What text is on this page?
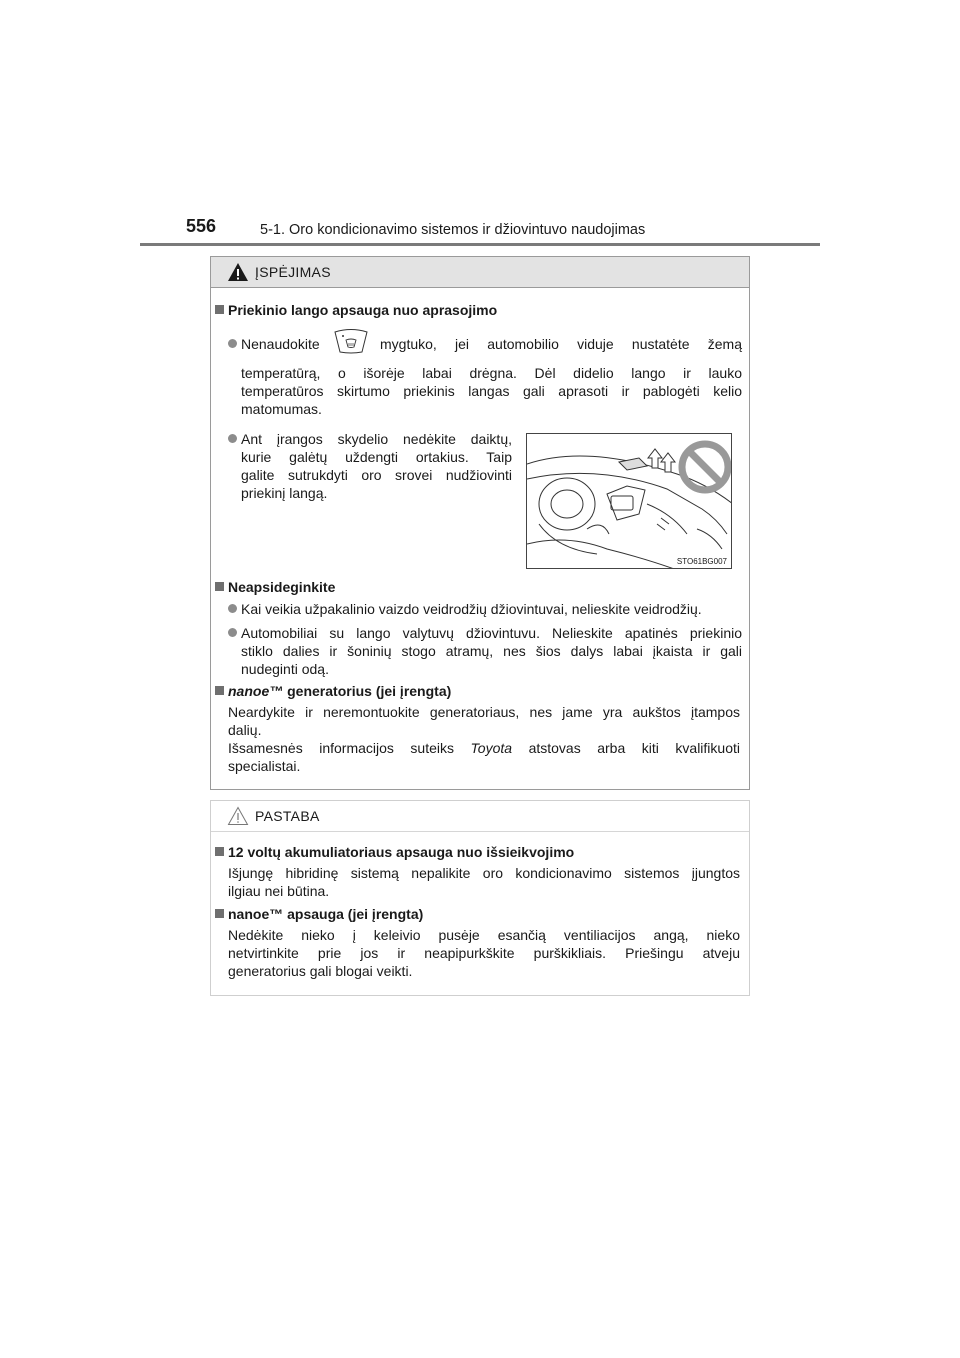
556	5-1. Oro kondicionavimo sistemos ir džiovintuvo naudojimas
ĮSPĖJIMAS
Priekinio lango apsauga nuo aprasojimo
Nenaudokite	mygtuko, jei automobilio viduje nustatėte žemą
temperatūrą, o išorėje labai drėgna. Dėl didelio lango ir lauko
temperatūros skirtumo priekinis langas gali aprasoti ir pablogėti kelio
matomumas.
Ant įrangos skydelio nedėkite daiktų,
kurie galėtų uždengti ortakius. Taip
galite sutrukdyti oro srovei nudžiovinti
priekinį langą.
STO61BG007
Neapsideginkite
Kai veikia užpakalinio vaizdo veidrodžių džiovintuvai, nelieskite veidrodžių.
Automobiliai su lango valytuvų džiovintuvu. Nelieskite apatinės priekinio
stiklo dalies ir šoninių stogo atramų, nes šios dalys labai įkaista ir gali
nudeginti odą.
nanoe™ generatorius (jei įrengta)
Neardykite ir neremontuokite generatoriaus, nes jame yra aukštos įtampos
dalių.
Išsamesnės informacijos suteiks Toyota atstovas arba kiti kvalifikuoti
specialistai.
PASTABA
12 voltų akumuliatoriaus apsauga nuo išsieikvojimo
Išjungę hibridinę sistemą nepalikite oro kondicionavimo sistemos įjungtos
ilgiau nei būtina.
nanoe™ apsauga (jei įrengta)
Nedėkite nieko į keleivio pusėje esančią ventiliacijos angą, nieko
netvirtinkite prie jos ir neapipurkškite purškikliais. Priešingu atveju
generatorius gali blogai veikti.
